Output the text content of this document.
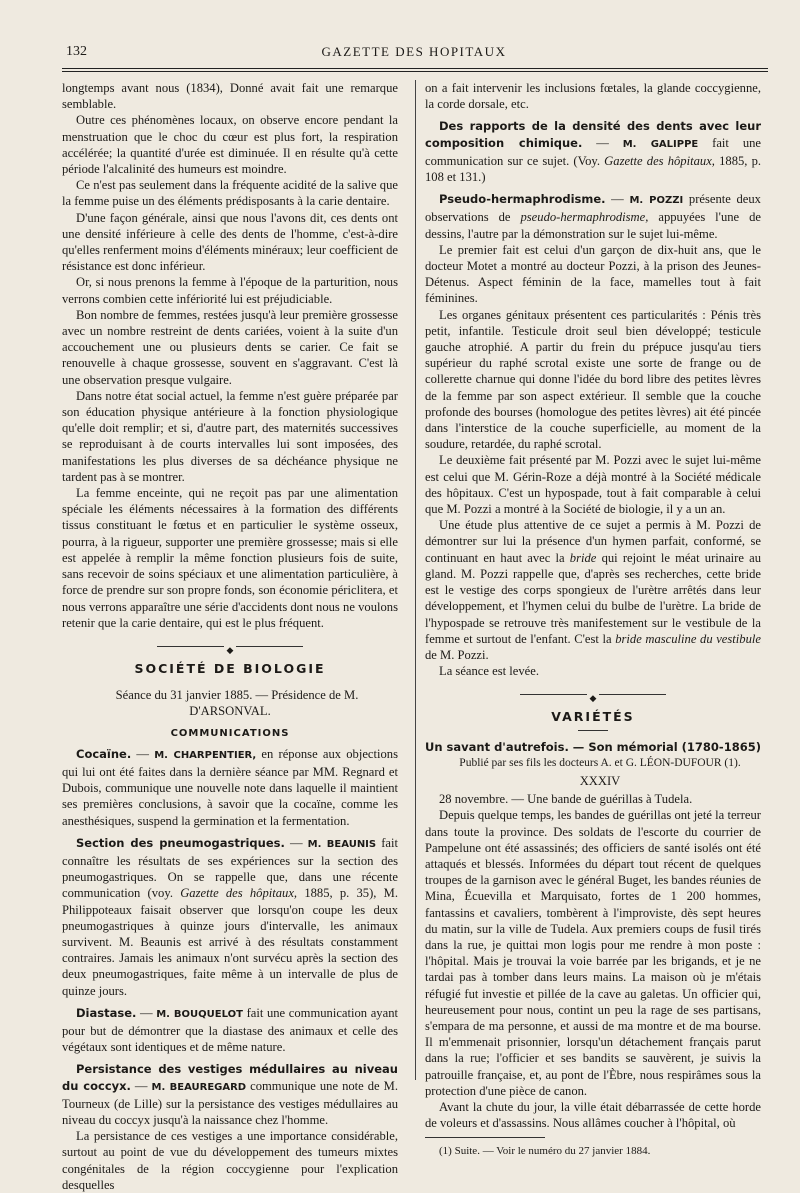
132	GAZETTE DES HOPITAUX

longtemps avant nous (1834), Donné avait fait une remarque semblable.

Outre ces phénomènes locaux, on observe encore pendant la menstruation que le choc du cœur est plus fort, la respiration accélérée; la quantité d'urée est diminuée. Il en résulte qu'à cette période l'alcalinité des humeurs est moindre.

Ce n'est pas seulement dans la fréquente acidité de la salive que la femme puise un des éléments prédisposants à la carie dentaire.

D'une façon générale, ainsi que nous l'avons dit, ces dents ont une densité inférieure à celle des dents de l'homme, c'est-à-dire qu'elles renferment moins d'éléments minéraux; leur coefficient de résistance est donc inférieur.

Or, si nous prenons la femme à l'époque de la parturition, nous verrons combien cette infériorité lui est préjudiciable.

Bon nombre de femmes, restées jusqu'à leur première grossesse avec un nombre restreint de dents cariées, voient à la suite d'un accouchement une ou plusieurs dents se carier. Ce fait se renouvelle à chaque grossesse, souvent en s'aggravant. C'est là une observation presque vulgaire.

Dans notre état social actuel, la femme n'est guère préparée par son éducation physique antérieure à la fonction physiologique qu'elle doit remplir; et si, d'autre part, des maternités successives se reproduisant à de courts intervalles lui sont imposées, des manifestations les plus diverses de sa déchéance physique ne tardent pas à se montrer.

La femme enceinte, qui ne reçoit pas par une alimentation spéciale les éléments nécessaires à la formation des différents tissus constituant le fœtus et en particulier le système osseux, pourra, à la rigueur, supporter une première grossesse; mais si elle est appelée à remplir la même fonction plusieurs fois de suite, sans recevoir de soins spéciaux et une alimentation particulière, à force de prendre sur son propre fonds, son économie périclitera, et nous verrons apparaître une série d'accidents dont nous ne voulons retenir que la carie dentaire, qui est le plus fréquent.

◆
SOCIÉTÉ DE BIOLOGIE

Séance du 31 janvier 1885. — Présidence de M. D'ARSONVAL.

COMMUNICATIONS

Cocaïne. — M. CHARPENTIER, en réponse aux objections qui lui ont été faites dans la dernière séance par MM. Regnard et Dubois, communique une nouvelle note dans laquelle il maintient ses premières conclusions, à savoir que la cocaïne, comme les anesthésiques, suspend la germination et la fermentation.

Section des pneumogastriques. — M. BEAUNIS fait connaître les résultats de ses expériences sur la section des pneumogastriques. On se rappelle que, dans une récente communication (voy. Gazette des hôpitaux, 1885, p. 35), M. Philippoteaux faisait observer que lorsqu'on coupe les deux pneumogastriques à quinze jours d'intervalle, les animaux survivent. M. Beaunis est arrivé à des résultats constamment contraires. Jamais les animaux n'ont survécu après la section des deux pneumogastriques, faite même à un intervalle de plus de quinze jours.

Diastase. — M. BOUQUELOT fait une communication ayant pour but de démontrer que la diastase des animaux et celle des végétaux sont identiques et de même nature.

Persistance des vestiges médullaires au niveau du coccyx. — M. BEAUREGARD communique une note de M. Tourneux (de Lille) sur la persistance des vestiges médullaires au niveau du coccyx jusqu'à la naissance chez l'homme.

La persistance de ces vestiges a une importance considérable, surtout au point de vue du développement des tumeurs mixtes congénitales de la région coccygienne pour l'explication desquelles

on a fait intervenir les inclusions fœtales, la glande coccygienne, la corde dorsale, etc.

Des rapports de la densité des dents avec leur composition chimique. — M. GALIPPE fait une communication sur ce sujet. (Voy. Gazette des hôpitaux, 1885, p. 108 et 131.)

Pseudo-hermaphrodisme. — M. POZZI présente deux observations de pseudo-hermaphrodisme, appuyées l'une de dessins, l'autre par la démonstration sur le sujet lui-même.

Le premier fait est celui d'un garçon de dix-huit ans, que le docteur Motet a montré au docteur Pozzi, à la prison des Jeunes-Détenus. Aspect féminin de la face, mamelles tout à fait féminines.

Les organes génitaux présentent ces particularités : Pénis très petit, infantile. Testicule droit seul bien développé; testicule gauche atrophié. A partir du frein du prépuce jusqu'au tiers supérieur du raphé scrotal existe une sorte de frange ou de collerette charnue qui donne l'idée du bord libre des petites lèvres de la femme par son aspect extérieur. Il semble que la couche profonde des bourses (homologue des petites lèvres) ait été pincée dans l'interstice de la couche superficielle, au moment de la soudure, retardée, du raphé scrotal.

Le deuxième fait présenté par M. Pozzi avec le sujet lui-même est celui que M. Gérin-Roze a déjà montré à la Société médicale des hôpitaux. C'est un hypospade, tout à fait comparable à celui que M. Pozzi a montré à la Société de biologie, il y a un an.

Une étude plus attentive de ce sujet a permis à M. Pozzi de démontrer sur lui la présence d'un hymen parfait, conformé, se continuant en haut avec la bride qui rejoint le méat urinaire au gland. M. Pozzi rappelle que, d'après ses recherches, cette bride est le vestige des corps spongieux de l'urètre arrêtés dans leur développement, et l'hymen celui du bulbe de l'urètre. La bride de l'hypospade se retrouve très manifestement sur le vestibule de la femme et surtout de l'enfant. C'est la bride masculine du vestibule de M. Pozzi.

La séance est levée.

◆
VARIÉTÉS

Un savant d'autrefois. — Son mémorial (1780-1865)

Publié par ses fils les docteurs A. et G. LÉON-DUFOUR (1).

XXXIV

28 novembre. — Une bande de guérillas à Tudela.

Depuis quelque temps, les bandes de guérillas ont jeté la terreur dans toute la province. Des soldats de l'escorte du courrier de Pampelune ont été assassinés; des officiers de santé isolés ont été attaqués et blessés. Informées du départ tout récent de quelques troupes de la garnison avec le général Buget, les bandes réunies de Mina, Écuevilla et Marquisato, fortes de 1 200 hommes, fantassins et cavaliers, tombèrent à l'improviste, dès sept heures du matin, sur la ville de Tudela. Aux premiers coups de fusil tirés dans la rue, je quittai mon logis pour me rendre à mon poste : l'hôpital. Mais je trouvai la voie barrée par les brigands, et je ne tardai pas à tomber dans leurs mains. La maison où je m'étais réfugié fut investie et pillée de la cave au galetas. Un officier qui, heureusement pour nous, contint un peu la rage de ses partisans, s'empara de ma personne, et aussi de ma montre et de ma bourse. Il m'emmenait prisonnier, lorsqu'un détachement français parut dans la rue; l'officier et ses bandits se sauvèrent, je suivis la patrouille française, et, au pont de l'Èbre, nous respirâmes sous la protection d'une pièce de canon.

Avant la chute du jour, la ville était débarrassée de cette horde de voleurs et d'assassins. Nous allâmes coucher à l'hôpital, où

(1) Suite. — Voir le numéro du 27 janvier 1884.
